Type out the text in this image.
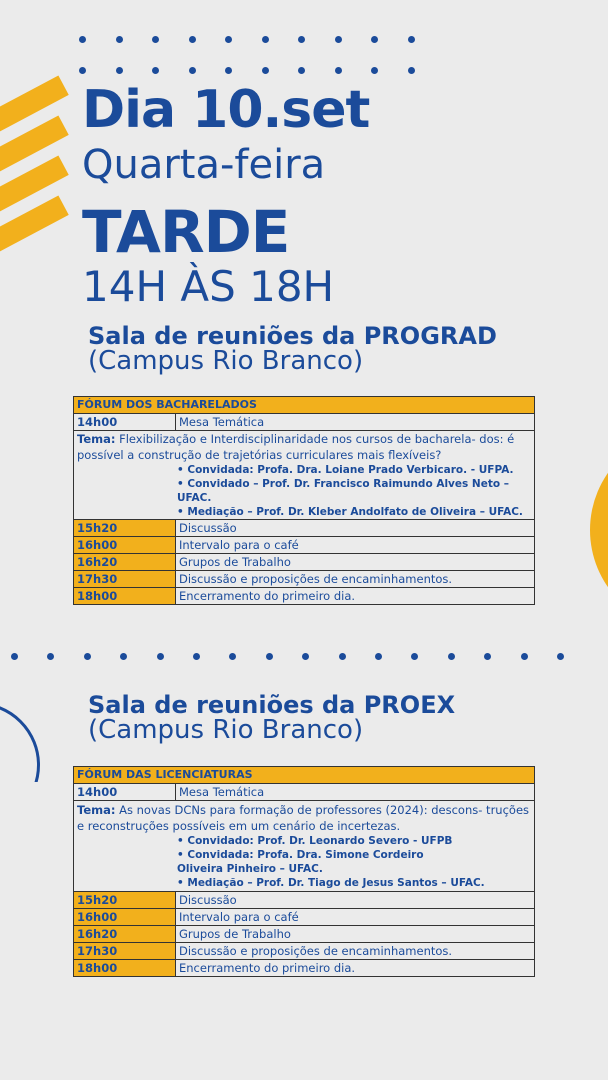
Dia 10.set
Quarta-feira
TARDE
14H ÀS 18H
Sala de reuniões da PROGRAD
(Campus Rio Branco)
FÓRUM DOS BACHARELADOS	
14h00	Mesa Temática
Tema: Flexibilização e Interdisciplinaridade nos cursos de bacharela- dos: é possível a construção de trajetórias curriculares mais flexíveis?
• Convidada: Profa. Dra. Loiane Prado Verbicaro. - UFPA.
• Convidado – Prof. Dr. Francisco Raimundo Alves Neto – UFAC.
• Mediação – Prof. Dr. Kleber Andolfato de Oliveira – UFAC.	

15h20	Discussão
16h00	Intervalo para o café
16h20	Grupos de Trabalho
17h30	Discussão e proposições de encaminhamentos.
18h00	Encerramento do primeiro dia.
Sala de reuniões da PROEX
(Campus Rio Branco)
FÓRUM DAS LICENCIATURAS	
14h00	Mesa Temática
Tema: As novas DCNs para formação de professores (2024): descons- truções e reconstruções possíveis em um cenário de incertezas.
• Convidado: Prof. Dr. Leonardo Severo - UFPB
• Convidada: Profa. Dra. Simone Cordeiro
Oliveira Pinheiro – UFAC.
• Mediação – Prof. Dr. Tiago de Jesus Santos – UFAC.	

15h20	Discussão
16h00	Intervalo para o café
16h20	Grupos de Trabalho
17h30	Discussão e proposições de encaminhamentos.
18h00	Encerramento do primeiro dia.
